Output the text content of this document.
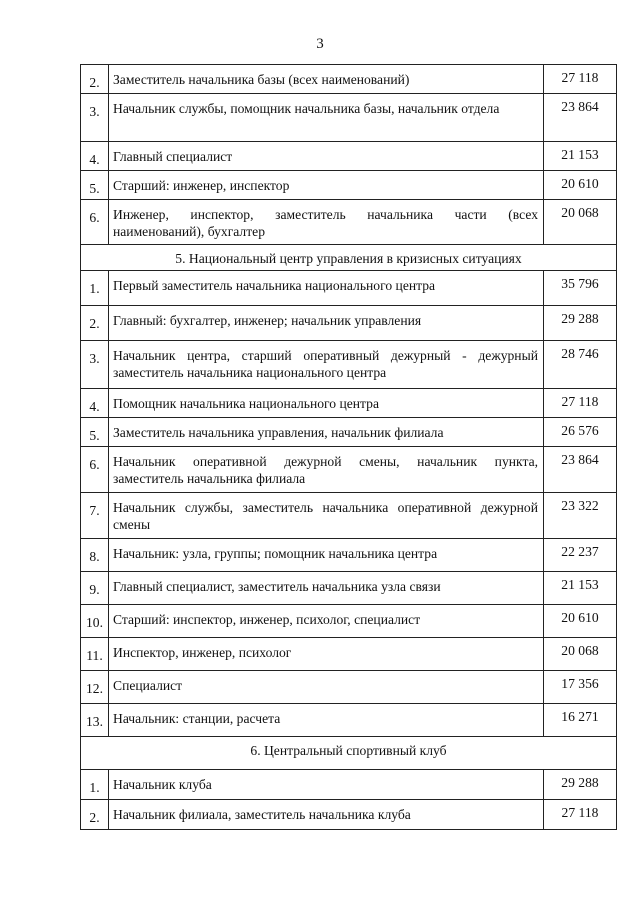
3
2.	Заместитель начальника базы (всех наименований)	27 118
3.	Начальник службы, помощник начальника базы, начальник отдела	23 864
4.	Главный специалист	21 153
5.	Старший: инженер, инспектор	20 610
6.	Инженер, инспектор, заместитель начальника части (всех наименований), бухгалтер	20 068
5. Национальный центр управления в кризисных ситуациях		
1.	Первый заместитель начальника национального центра	35 796
2.	Главный: бухгалтер, инженер; начальник управления	29 288
3.	Начальник центра, старший оперативный дежурный - дежурный заместитель начальника национального центра	28 746
4.	Помощник начальника национального центра	27 118
5.	Заместитель начальника управления, начальник филиала	26 576
6.	Начальник оперативной дежурной смены, начальник пункта, заместитель начальника филиала	23 864
7.	Начальник службы, заместитель начальника оперативной дежурной смены	23 322
8.	Начальник: узла, группы; помощник начальника центра	22 237
9.	Главный специалист, заместитель начальника узла связи	21 153
10.	Старший: инспектор, инженер, психолог, специалист	20 610
11.	Инспектор, инженер, психолог	20 068
12.	Специалист	17 356
13.	Начальник: станции, расчета	16 271
6. Центральный спортивный клуб		
1.	Начальник клуба	29 288
2.	Начальник филиала, заместитель начальника клуба	27 118
